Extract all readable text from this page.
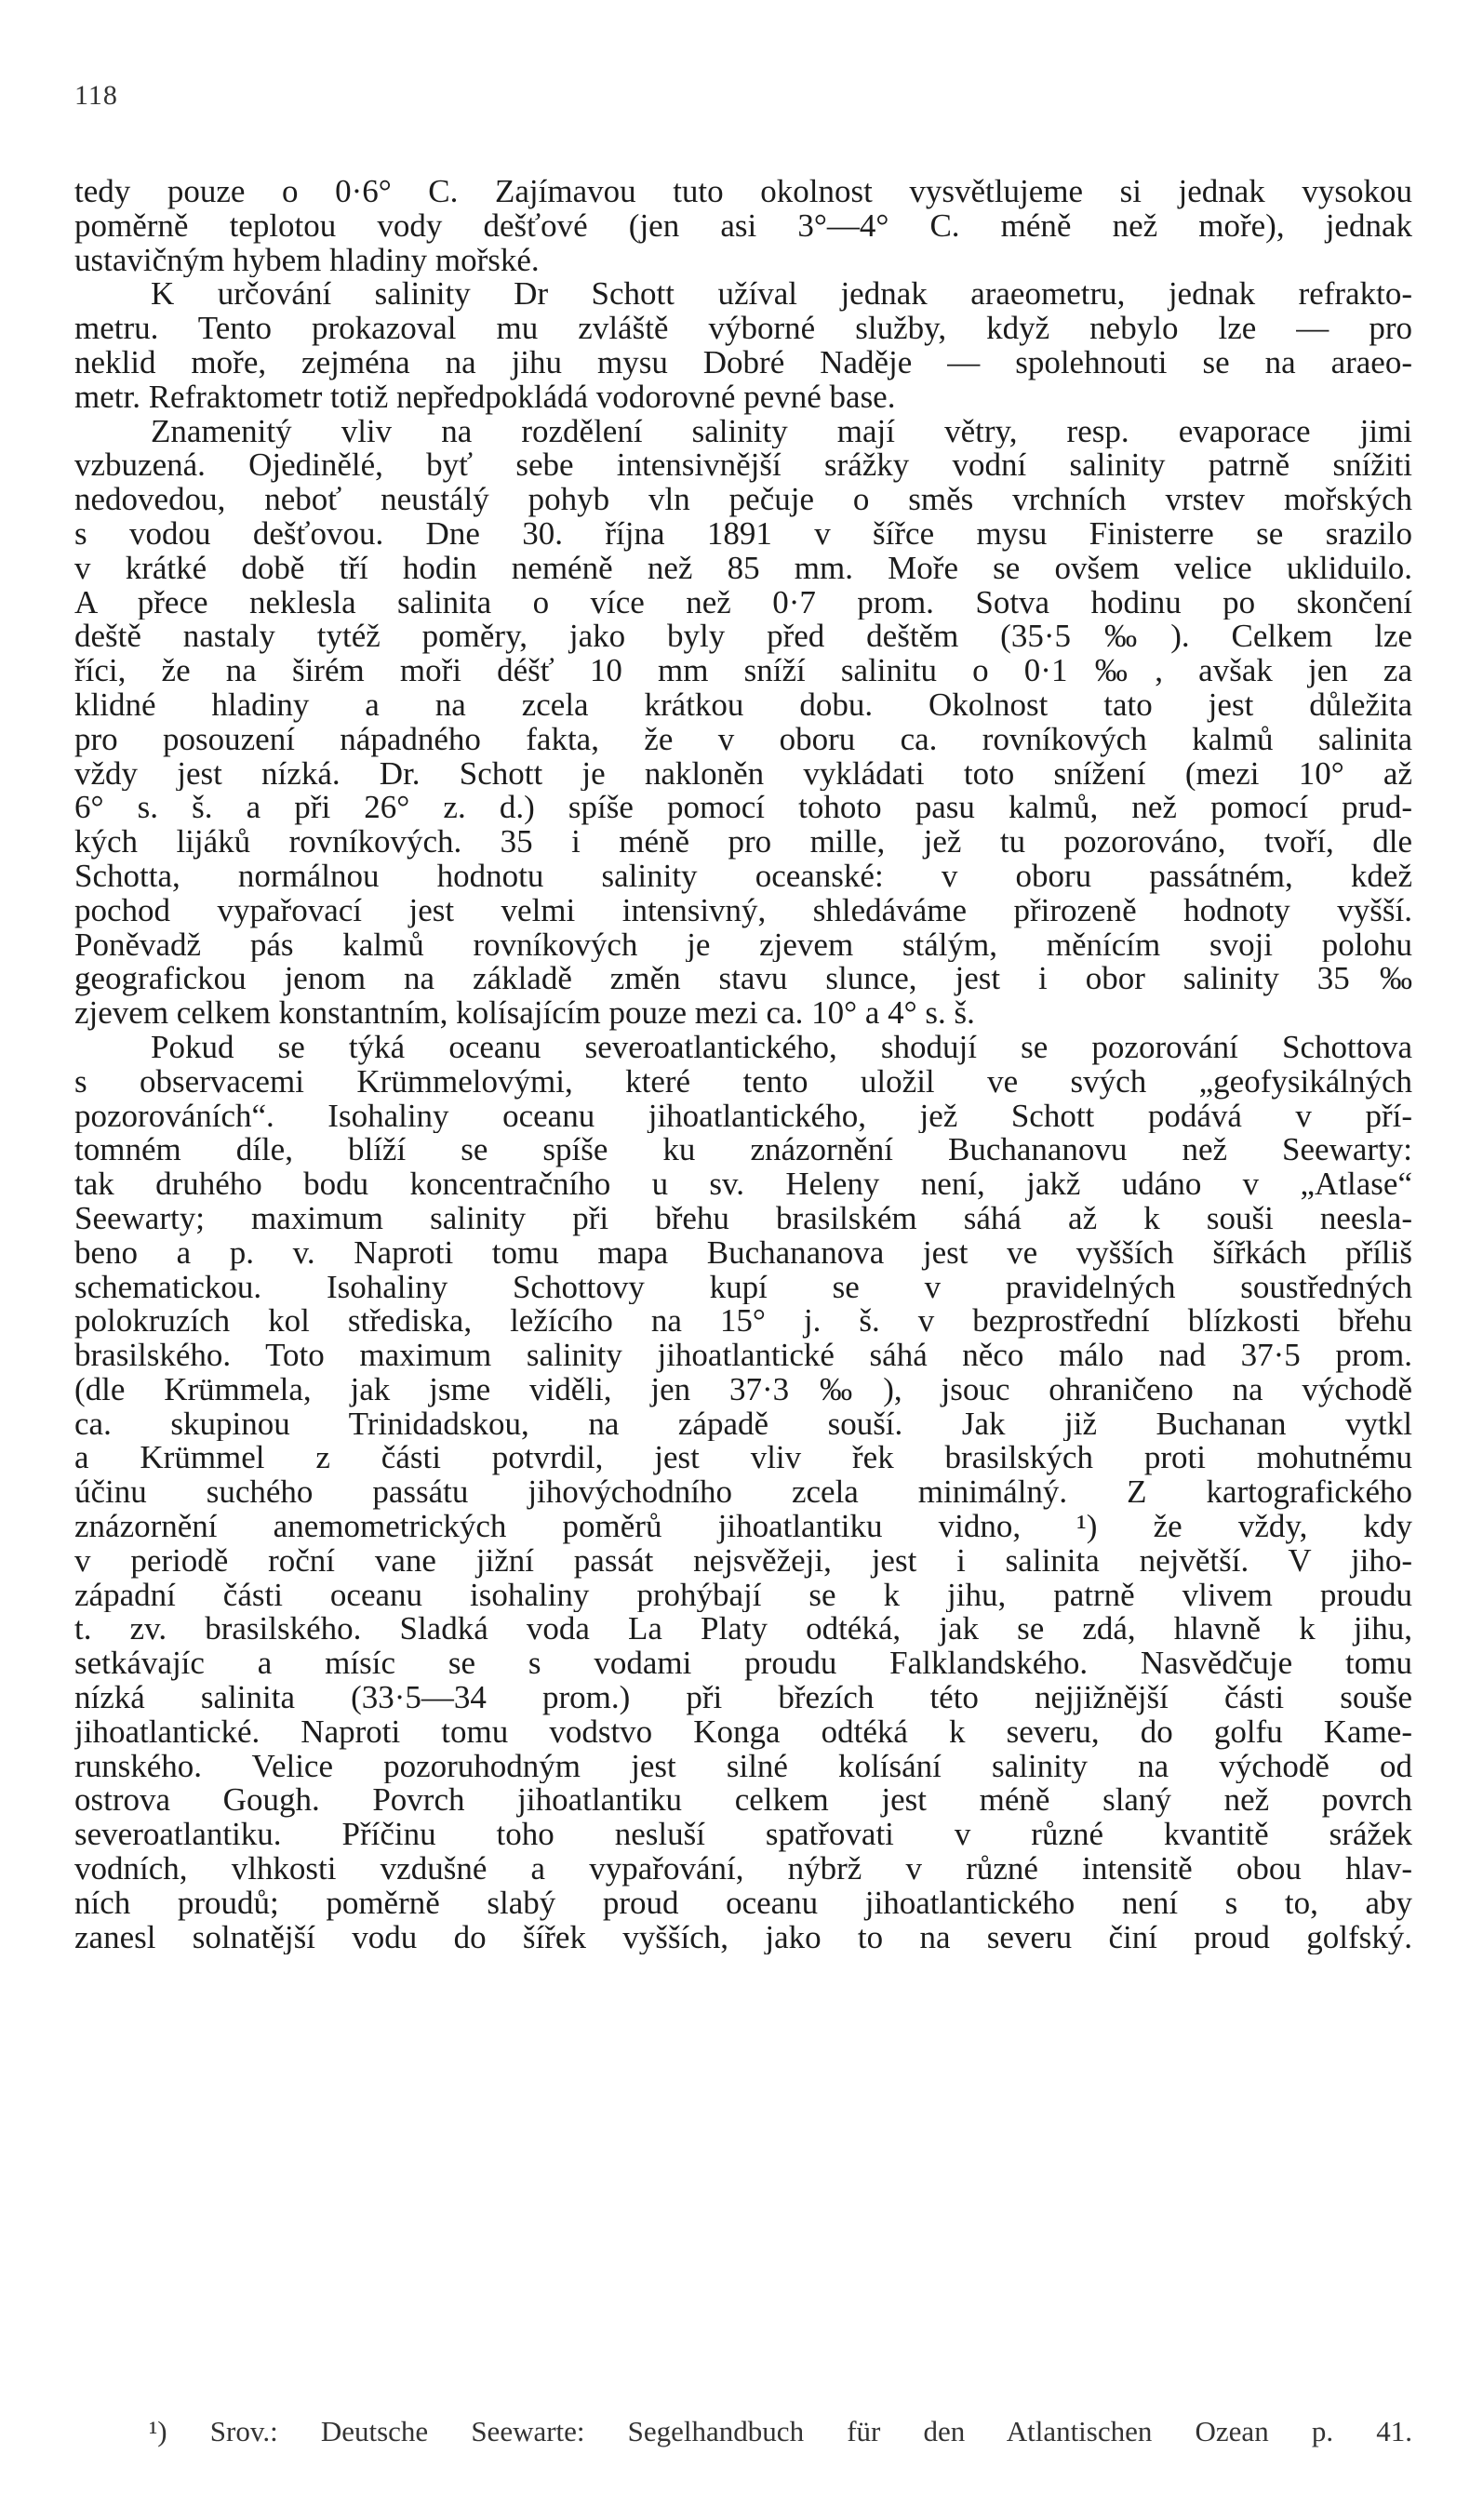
118
tedy pouze o 0·6° C. Zajímavou tuto okolnost vysvětlujeme si jednak vysokou
poměrně teplotou vody dešťové (jen asi 3°—4° C. méně než moře), jednak
ustavičným hybem hladiny mořské.
K určování salinity Dr Schott užíval jednak araeometru, jednak refrakto-
metru. Tento prokazoval mu zvláště výborné služby, když nebylo lze — pro
neklid moře, zejména na jihu mysu Dobré Naděje — spolehnouti se na araeo-
metr. Refraktometr totiž nepředpokládá vodorovné pevné base.
Znamenitý vliv na rozdělení salinity mají větry, resp. evaporace jimi
vzbuzená. Ojedinělé, byť sebe intensivnější srážky vodní salinity patrně snížiti
nedovedou, neboť neustálý pohyb vln pečuje o směs vrchních vrstev mořských
s vodou dešťovou. Dne 30. října 1891 v šířce mysu Finisterre se srazilo
v krátké době tří hodin neméně než 85 mm. Moře se ovšem velice ukliduilo.
A přece neklesla salinita o více než 0·7 prom. Sotva hodinu po skončení
deště nastaly tytéž poměry, jako byly před deštěm (35·5‰). Celkem lze
říci, že na širém moři déšť 10 mm sníží salinitu o 0·1‰, avšak jen za
klidné hladiny a na zcela krátkou dobu. Okolnost tato jest důležita
pro posouzení nápadného fakta, že v oboru ca. rovníkových kalmů salinita
vždy jest nízká. Dr. Schott je nakloněn vykládati toto snížení (mezi 10° až
6° s. š. a při 26° z. d.) spíše pomocí tohoto pasu kalmů, než pomocí prud-
kých lijáků rovníkových. 35 i méně pro mille, jež tu pozorováno, tvoří, dle
Schotta, normálnou hodnotu salinity oceanské: v oboru passátném, kdež
pochod vypařovací jest velmi intensivný, shledáváme přirozeně hodnoty vyšší.
Poněvadž pás kalmů rovníkových je zjevem stálým, měnícím svoji polohu
geografickou jenom na základě změn stavu slunce, jest i obor salinity 35‰
zjevem celkem konstantním, kolísajícím pouze mezi ca. 10° a 4° s. š.
Pokud se týká oceanu severoatlantického, shodují se pozorování Schottova
s observacemi Krümmelovými, které tento uložil ve svých „geofysikálných
pozorováních“. Isohaliny oceanu jihoatlantického, jež Schott podává v pří-
tomném díle, blíží se spíše ku znázornění Buchananovu než Seewarty:
tak druhého bodu koncentračního u sv. Heleny není, jakž udáno v „Atlase“
Seewarty; maximum salinity při břehu brasilském sáhá až k souši neesla-
beno a p. v. Naproti tomu mapa Buchananova jest ve vyšších šířkách příliš
schematickou. Isohaliny Schottovy kupí se v pravidelných soustředných
polokruzích kol střediska, ležícího na 15° j. š. v bezprostřední blízkosti břehu
brasilského. Toto maximum salinity jihoatlantické sáhá něco málo nad 37·5 prom.
(dle Krümmela, jak jsme viděli, jen 37·3‰), jsouc ohraničeno na východě
ca. skupinou Trinidadskou, na západě souší. Jak již Buchanan vytkl
a Krümmel z části potvrdil, jest vliv řek brasilských proti mohutnému
účinu suchého passátu jihovýchodního zcela minimálný. Z kartografického
znázornění anemometrických poměrů jihoatlantiku vidno, ¹) že vždy, kdy
v periodě roční vane jižní passát nejsvěžeji, jest i salinita největší. V jiho-
západní části oceanu isohaliny prohýbají se k jihu, patrně vlivem proudu
t. zv. brasilského. Sladká voda La Platy odtéká, jak se zdá, hlavně k jihu,
setkávajíc a mísíc se s vodami proudu Falklandského. Nasvědčuje tomu
nízká salinita (33·5—34 prom.) při březích této nejjižnější části souše
jihoatlantické. Naproti tomu vodstvo Konga odtéká k severu, do golfu Kame-
runského. Velice pozoruhodným jest silné kolísání salinity na východě od
ostrova Gough. Povrch jihoatlantiku celkem jest méně slaný než povrch
severoatlantiku. Příčinu toho nesluší spatřovati v různé kvantitě srážek
vodních, vlhkosti vzdušné a vypařování, nýbrž v různé intensitě obou hlav-
ních proudů; poměrně slabý proud oceanu jihoatlantického není s to, aby
zanesl solnatější vodu do šířek vyšších, jako to na severu činí proud golfský.
¹) Srov.: Deutsche Seewarte: Segelhandbuch für den Atlantischen Ozean p. 41.
